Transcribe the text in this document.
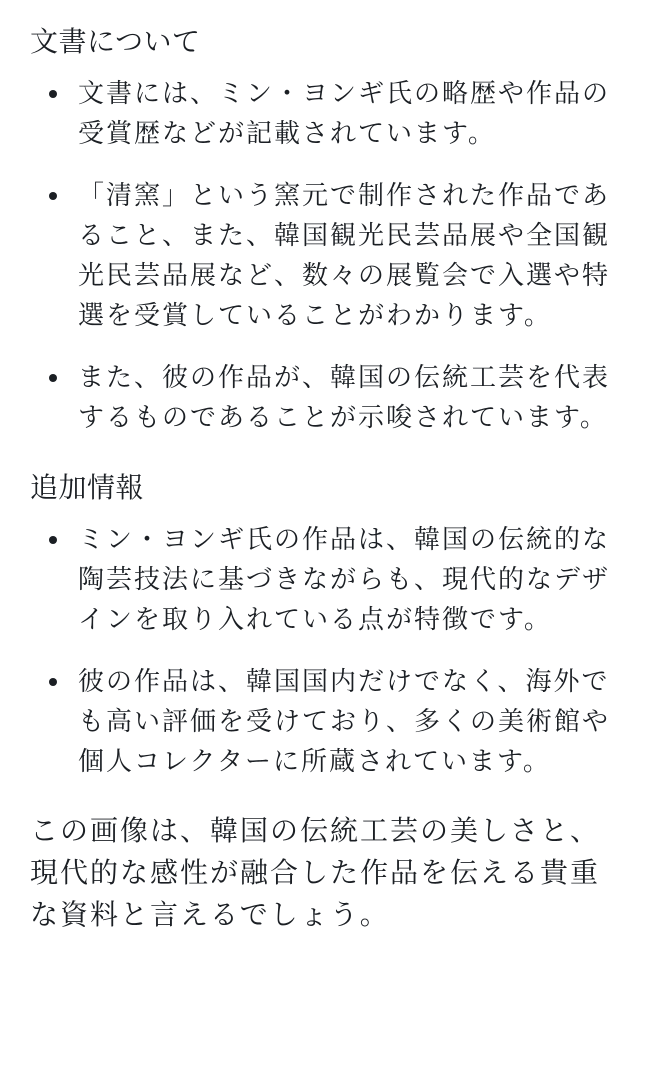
文書について
文書には、ミン・ヨンギ氏の略歴や作品の受賞歴などが記載されています。
「清窯」という窯元で制作された作品であること、また、韓国観光民芸品展や全国観光民芸品展など、数々の展覧会で入選や特選を受賞していることがわかります。
また、彼の作品が、韓国の伝統工芸を代表するものであることが示唆されています。
追加情報
ミン・ヨンギ氏の作品は、韓国の伝統的な陶芸技法に基づきながらも、現代的なデザインを取り入れている点が特徴です。
彼の作品は、韓国国内だけでなく、海外でも高い評価を受けており、多くの美術館や個人コレクターに所蔵されています。

この画像は、韓国の伝統工芸の美しさと、現代的な感性が融合した作品を伝える貴重な資料と言えるでしょう。
